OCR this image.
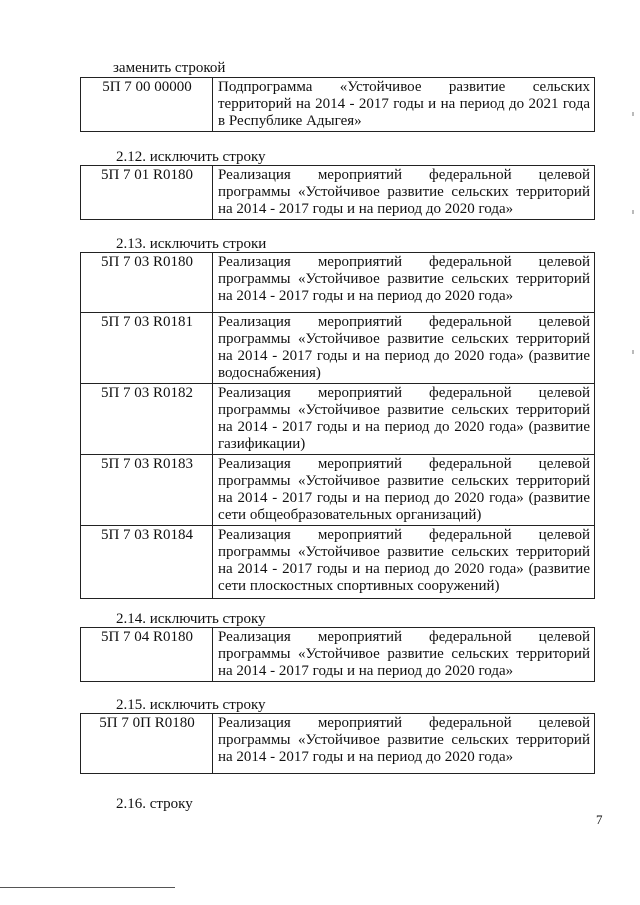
заменить строкой
5П 7 00 00000	Подпрограмма «Устойчивое развитие сельских территорий на 2014 - 2017 годы и на период до 2021 года в Республике Адыгея»
2.12. исключить строку
5П 7 01 R0180	Реализация мероприятий федеральной целевой программы «Устойчивое развитие сельских территорий на 2014 - 2017 годы и на период до 2020 года»
2.13. исключить строки
5П 7 03 R0180	Реализация мероприятий федеральной целевой программы «Устойчивое развитие сельских территорий на 2014 - 2017 годы и на период до 2020 года»
5П 7 03 R0181	Реализация мероприятий федеральной целевой программы «Устойчивое развитие сельских территорий на 2014 - 2017 годы и на период до 2020 года» (развитие водоснабжения)
5П 7 03 R0182	Реализация мероприятий федеральной целевой программы «Устойчивое развитие сельских территорий на 2014 - 2017 годы и на период до 2020 года» (развитие газификации)
5П 7 03 R0183	Реализация мероприятий федеральной целевой программы «Устойчивое развитие сельских территорий на 2014 - 2017 годы и на период до 2020 года» (развитие сети общеобразовательных организаций)
5П 7 03 R0184	Реализация мероприятий федеральной целевой программы «Устойчивое развитие сельских территорий на 2014 - 2017 годы и на период до 2020 года» (развитие сети плоскостных спортивных сооружений)
2.14. исключить строку
5П 7 04 R0180	Реализация мероприятий федеральной целевой программы «Устойчивое развитие сельских территорий на 2014 - 2017 годы и на период до 2020 года»
2.15. исключить строку
5П 7 0П R0180	Реализация мероприятий федеральной целевой программы «Устойчивое развитие сельских территорий на 2014 - 2017 годы и на период до 2020 года»
2.16. строку
7
